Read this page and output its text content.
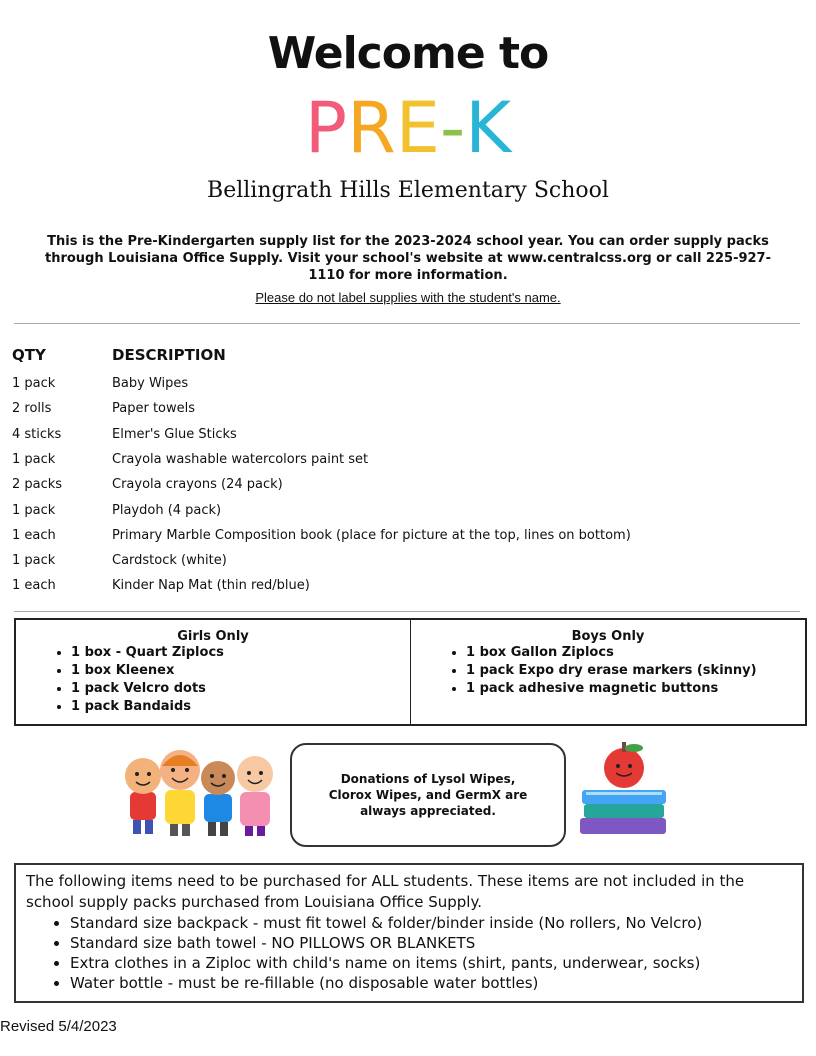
Welcome to
PRE-K
Bellingrath Hills Elementary School
This is the Pre-Kindergarten supply list for the 2023-2024 school year. You can order supply packs through Louisiana Office Supply. Visit your school's website at www.centralcss.org or call 225-927-1110 for more information.
Please do not label supplies with the student's name.
QTY	DESCRIPTION
1 pack	Baby Wipes
2 rolls	Paper towels
4 sticks	Elmer's Glue Sticks
1 pack	Crayola washable watercolors paint set
2 packs	Crayola crayons (24 pack)
1 pack	Playdoh (4 pack)
1 each	Primary Marble Composition book (place for picture at the top, lines on bottom)
1 pack	Cardstock (white)
1 each	Kinder Nap Mat (thin red/blue)
Girls Only
• 1 box - Quart Ziplocs
• 1 box Kleenex
• 1 pack Velcro dots
• 1 pack Bandaids
Boys Only
• 1 box Gallon Ziplocs
• 1 pack Expo dry erase markers (skinny)
• 1 pack adhesive magnetic buttons
Donations of Lysol Wipes, Clorox Wipes, and GermX are always appreciated.

The following items need to be purchased for ALL students. These items are not included in the school supply packs purchased from Louisiana Office Supply.

• Standard size backpack - must fit towel & folder/binder inside (No rollers, No Velcro)
• Standard size bath towel - NO PILLOWS OR BLANKETS
• Extra clothes in a Ziploc with child's name on items (shirt, pants, underwear, socks)
• Water bottle - must be re-fillable (no disposable water bottles)
Revised 5/4/2023
